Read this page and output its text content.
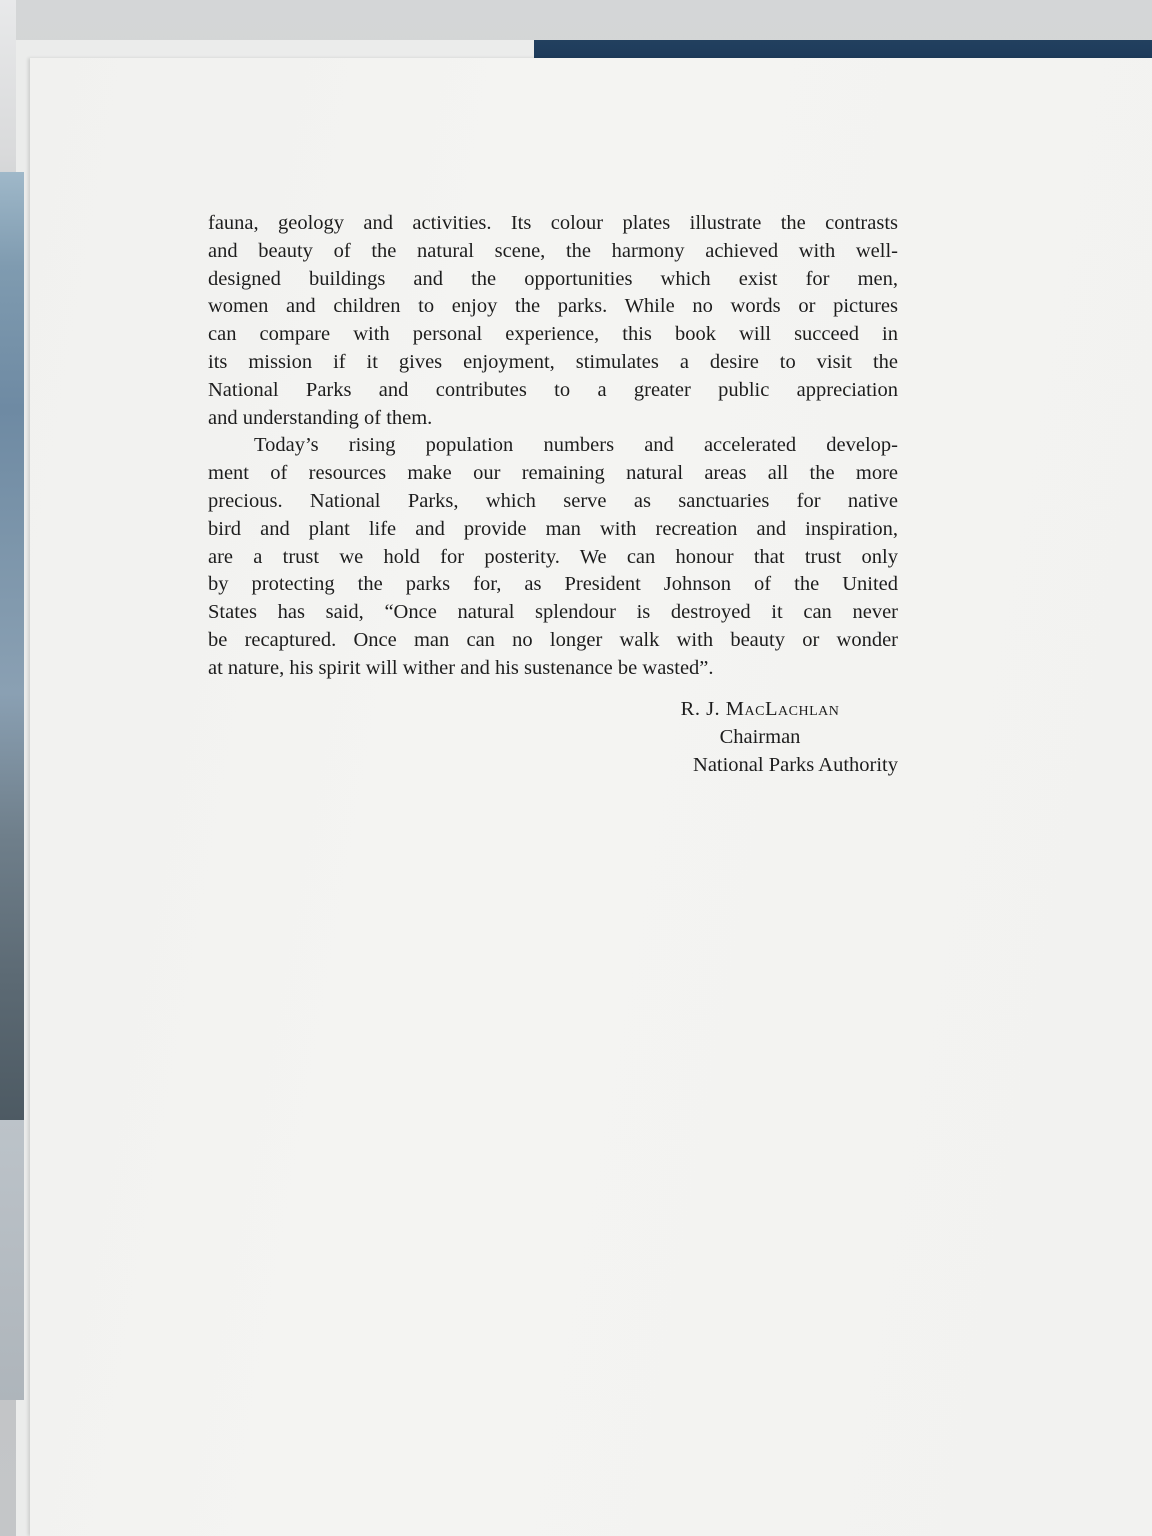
fauna, geology and activities. Its colour plates illustrate the contrasts
and beauty of the natural scene, the harmony achieved with well-
designed buildings and the opportunities which exist for men,
women and children to enjoy the parks. While no words or pictures
can compare with personal experience, this book will succeed in
its mission if it gives enjoyment, stimulates a desire to visit the
National Parks and contributes to a greater public appreciation
and understanding of them.

Today’s rising population numbers and accelerated develop-
ment of resources make our remaining natural areas all the more
precious. National Parks, which serve as sanctuaries for native
bird and plant life and provide man with recreation and inspiration,
are a trust we hold for posterity. We can honour that trust only
by protecting the parks for, as President Johnson of the United
States has said, “Once natural splendour is destroyed it can never
be recaptured. Once man can no longer walk with beauty or wonder
at nature, his spirit will wither and his sustenance be wasted”.

R. J. MacLachlan
Chairman
National Parks Authority
